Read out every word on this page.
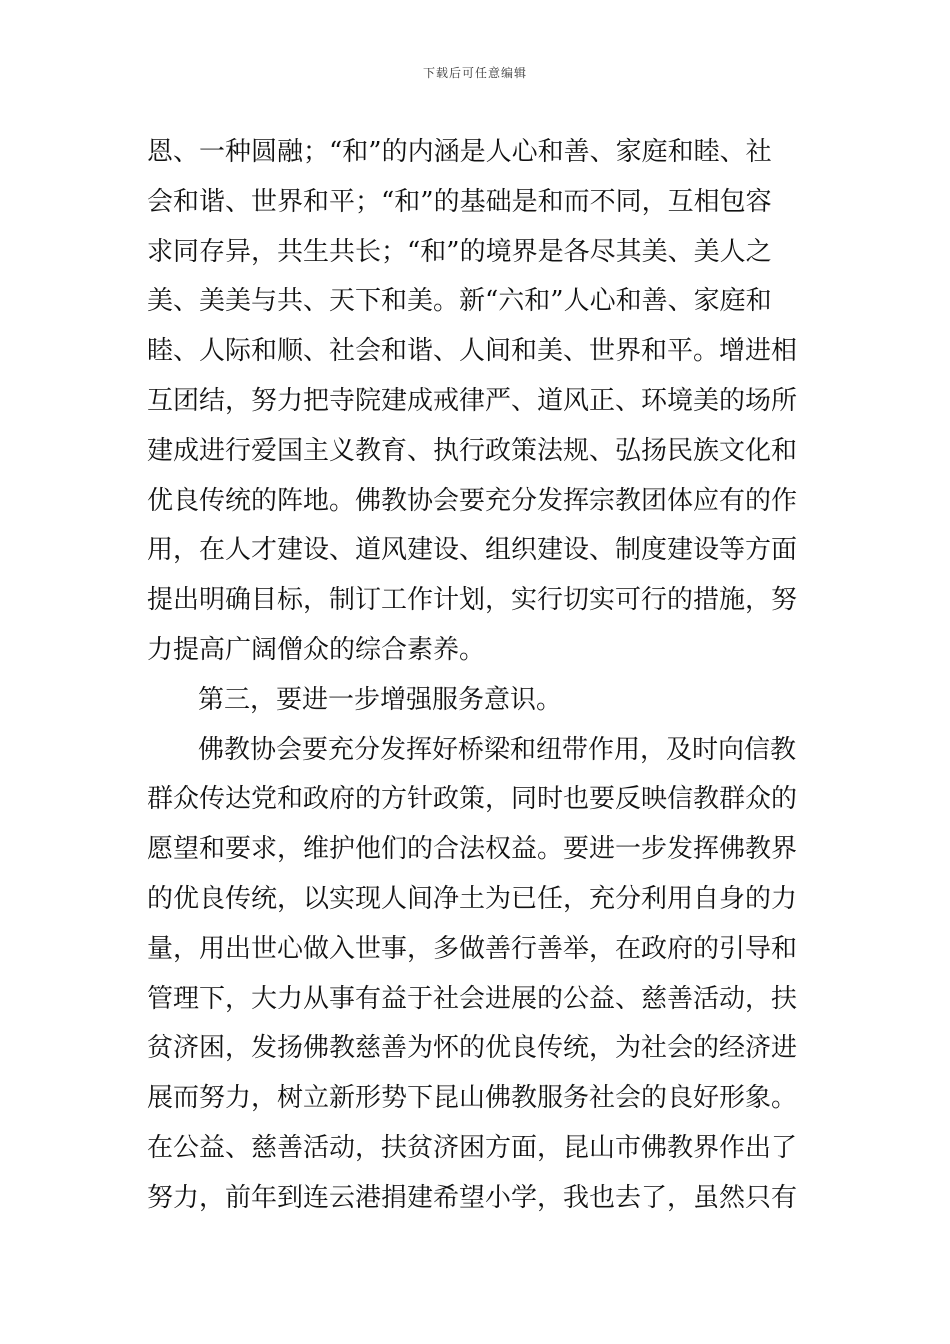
下载后可任意编辑
恩、一种圆融；“和”的内涵是人心和善、家庭和睦、社
会和谐、世界和平；“和”的基础是和而不同，互相包容
求同存异，共生共长；“和”的境界是各尽其美、美人之
美、美美与共、天下和美。新“六和”人心和善、家庭和
睦、人际和顺、社会和谐、人间和美、世界和平。增进相
互团结，努力把寺院建成戒律严、道风正、环境美的场所
建成进行爱国主义教育、执行政策法规、弘扬民族文化和
优良传统的阵地。佛教协会要充分发挥宗教团体应有的作
用，在人才建设、道风建设、组织建设、制度建设等方面
提出明确目标，制订工作计划，实行切实可行的措施，努
力提高广阔僧众的综合素养。
第三，要进一步增强服务意识。
佛教协会要充分发挥好桥梁和纽带作用，及时向信教
群众传达党和政府的方针政策，同时也要反映信教群众的
愿望和要求，维护他们的合法权益。要进一步发挥佛教界
的优良传统，以实现人间净土为已任，充分利用自身的力
量，用出世心做入世事，多做善行善举，在政府的引导和
管理下，大力从事有益于社会进展的公益、慈善活动，扶
贫济困，发扬佛教慈善为怀的优良传统，为社会的经济进
展而努力，树立新形势下昆山佛教服务社会的良好形象。
在公益、慈善活动，扶贫济困方面，昆山市佛教界作出了
努力，前年到连云港捐建希望小学，我也去了，虽然只有
